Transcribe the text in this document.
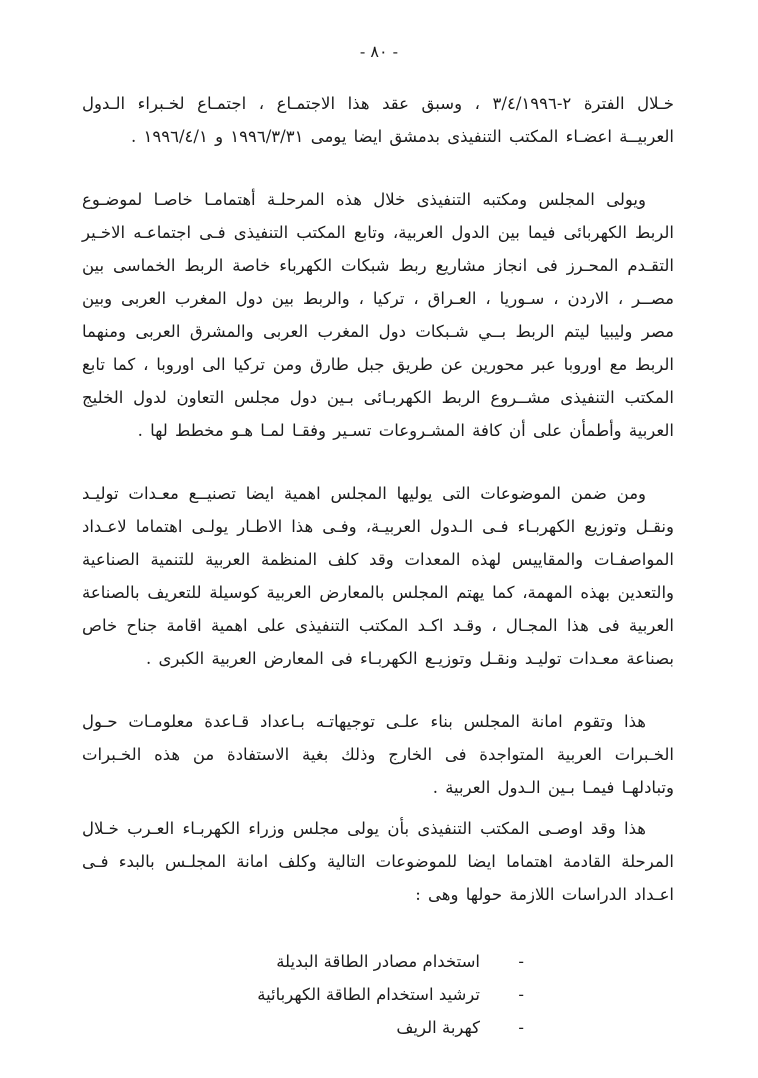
- ٨٠ -

خـلال الفترة ٢-٣/٤/١٩٩٦ ، وسبق عقد هذا الاجتمـاع ، اجتمـاع لخـبراء الـدول العربيــة اعضـاء المكتب التنفيذى بدمشق ايضا يومى ١٩٩٦/٣/٣١ و ١٩٩٦/٤/١ .

ويولى المجلس ومكتبه التنفيذى خلال هذه المرحلـة أهتمامـا خاصـا لموضـوع الربط الكهربائى فيما بين الدول العربية، وتابع المكتب التنفيذى فـى اجتماعـه الاخـير التقـدم المحـرز فى انجاز مشاريع ربط شبكات الكهرباء خاصة الربط الخماسى بين مصــر ، الاردن ، سـوريا ، العـراق ، تركيا ، والربط بين دول المغرب العربى وبين مصر وليبيا ليتم الربط بــي شـبكات دول المغرب العربى والمشرق العربى ومنهما الربط مع اوروبا عبر محورين عن طريق جبل طارق ومن تركيا الى اوروبا ، كما تابع المكتب التنفيذى مشــروع الربط الكهربـائى بـين دول مجلس التعاون لدول الخليج العربية وأطمأن على أن كافة المشـروعات تسـير وفقـا لمـا هـو مخطط لها .

ومن ضمن الموضوعات التى يوليها المجلس اهمية ايضا تصنيــع معـدات توليـد ونقـل وتوزيع الكهربـاء فـى الـدول العربيـة، وفـى هذا الاطـار يولـى اهتماما لاعـداد المواصفـات والمقاييس لهذه المعدات وقد كلف المنظمة العربية للتنمية الصناعية والتعدين بهذه المهمة، كما يهتم المجلس بالمعارض العربية كوسيلة للتعريف بالصناعة العربية فى هذا المجـال ، وقـد اكـد المكتب التنفيذى على اهمية اقامة جناح خاص بصناعة معـدات توليـد ونقـل وتوزيـع الكهربـاء فى المعارض العربية الكبرى .

هذا وتقوم امانة المجلس بناء علـى توجيهاتـه بـاعداد قـاعدة معلومـات حـول الخـبرات العربية المتواجدة فى الخارج وذلك بغية الاستفادة من هذه الخـبرات وتبادلهـا فيمـا بـين الـدول العربية .

هذا وقد اوصـى المكتب التنفيذى بأن يولى مجلس وزراء الكهربـاء العـرب خـلال المرحلة القادمة اهتماما ايضا للموضوعات التالية وكلف امانة المجلـس بالبدء فـى اعـداد الدراسات اللازمة حولها وهى :

-
استخدام مصادر الطاقة البديلة
-
ترشيد استخدام الطاقة الكهربائية
-
كهربة الريف
